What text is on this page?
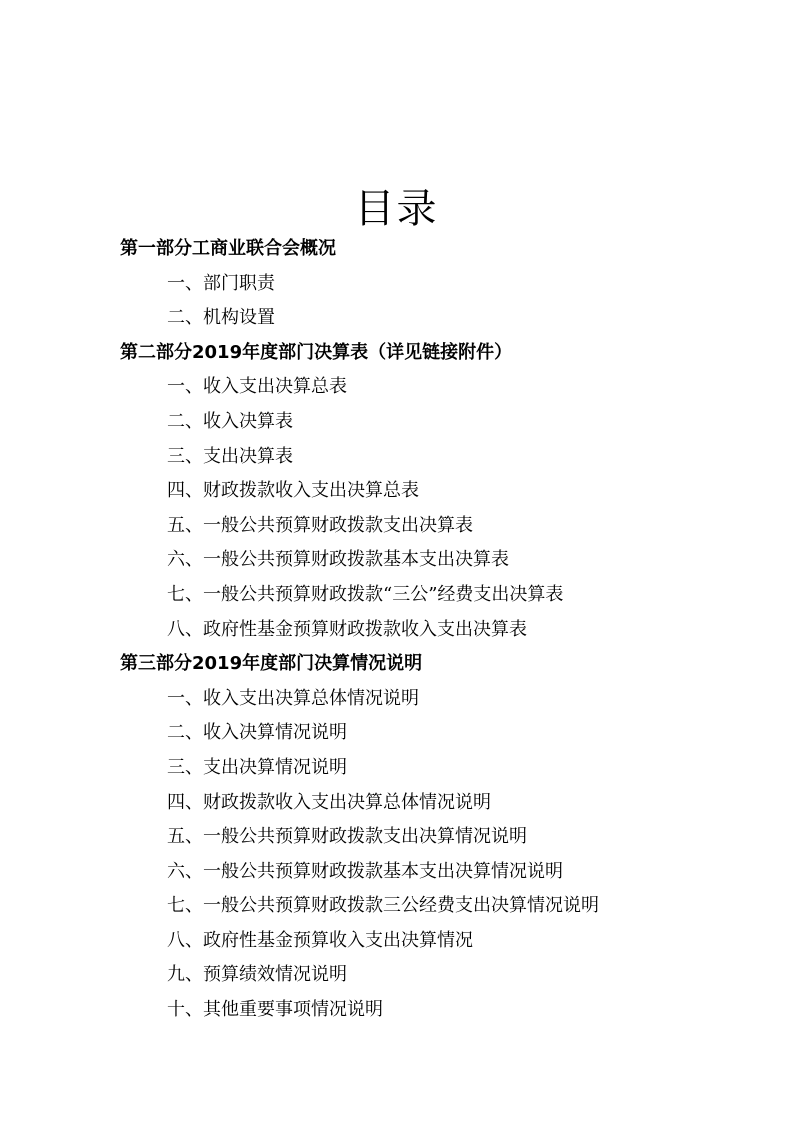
目录
第一部分工商业联合会概况
一、部门职责
二、机构设置
第二部分2019年度部门决算表（详见链接附件）
一、收入支出决算总表
二、收入决算表
三、支出决算表
四、财政拨款收入支出决算总表
五、一般公共预算财政拨款支出决算表
六、一般公共预算财政拨款基本支出决算表
七、一般公共预算财政拨款“三公”经费支出决算表
八、政府性基金预算财政拨款收入支出决算表
第三部分2019年度部门决算情况说明
一、收入支出决算总体情况说明
二、收入决算情况说明
三、支出决算情况说明
四、财政拨款收入支出决算总体情况说明
五、一般公共预算财政拨款支出决算情况说明
六、一般公共预算财政拨款基本支出决算情况说明
七、一般公共预算财政拨款三公经费支出决算情况说明
八、政府性基金预算收入支出决算情况
九、预算绩效情况说明
十、其他重要事项情况说明
